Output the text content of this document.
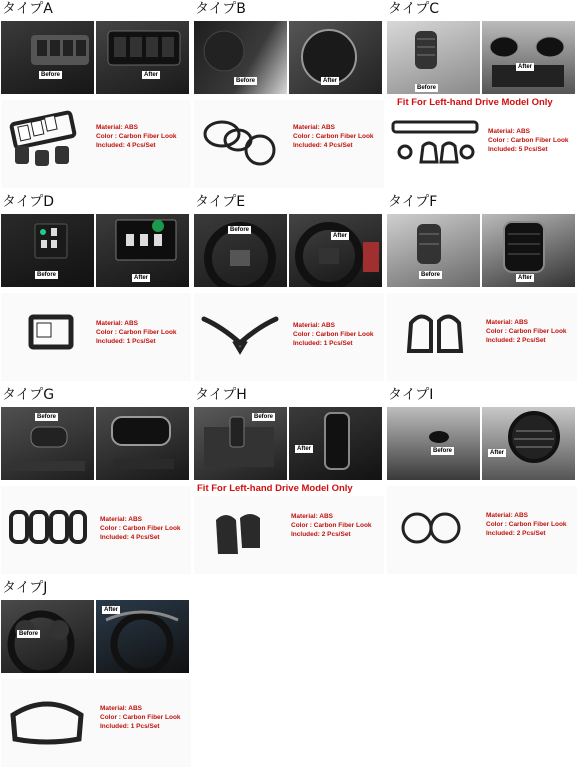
タイプA
Before	After
Material: ABS
Color : Carbon Fiber Look
Included: 4 Pcs/Set
タイプB
Before	After
Material: ABS
Color : Carbon Fiber Look
Included: 4 Pcs/Set
タイプC
Before
After
Fit For Left-hand Drive Model Only
Material: ABS
Color : Carbon Fiber Look
Included: 5 Pcs/Set
タイプD
Before	After
Material: ABS
Color : Carbon Fiber Look
Included: 1 Pcs/Set
タイプE
Before
After
Material: ABS
Color : Carbon Fiber Look
Included: 1 Pcs/Set
タイプF
Before	After
Material: ABS
Color : Carbon Fiber Look
Included: 2 Pcs/Set
タイプG
Before
Material: ABS
Color : Carbon Fiber Look
Included: 4 Pcs/Set
タイプH
Before
After
Fit For Left-hand Drive Model Only
Material: ABS
Color : Carbon Fiber Look
Included: 2 Pcs/Set
タイプI
Before	After
Material: ABS
Color : Carbon Fiber Look
Included: 2 Pcs/Set
タイプJ
Before
After
Material: ABS
Color : Carbon Fiber Look
Included: 1 Pcs/Set
